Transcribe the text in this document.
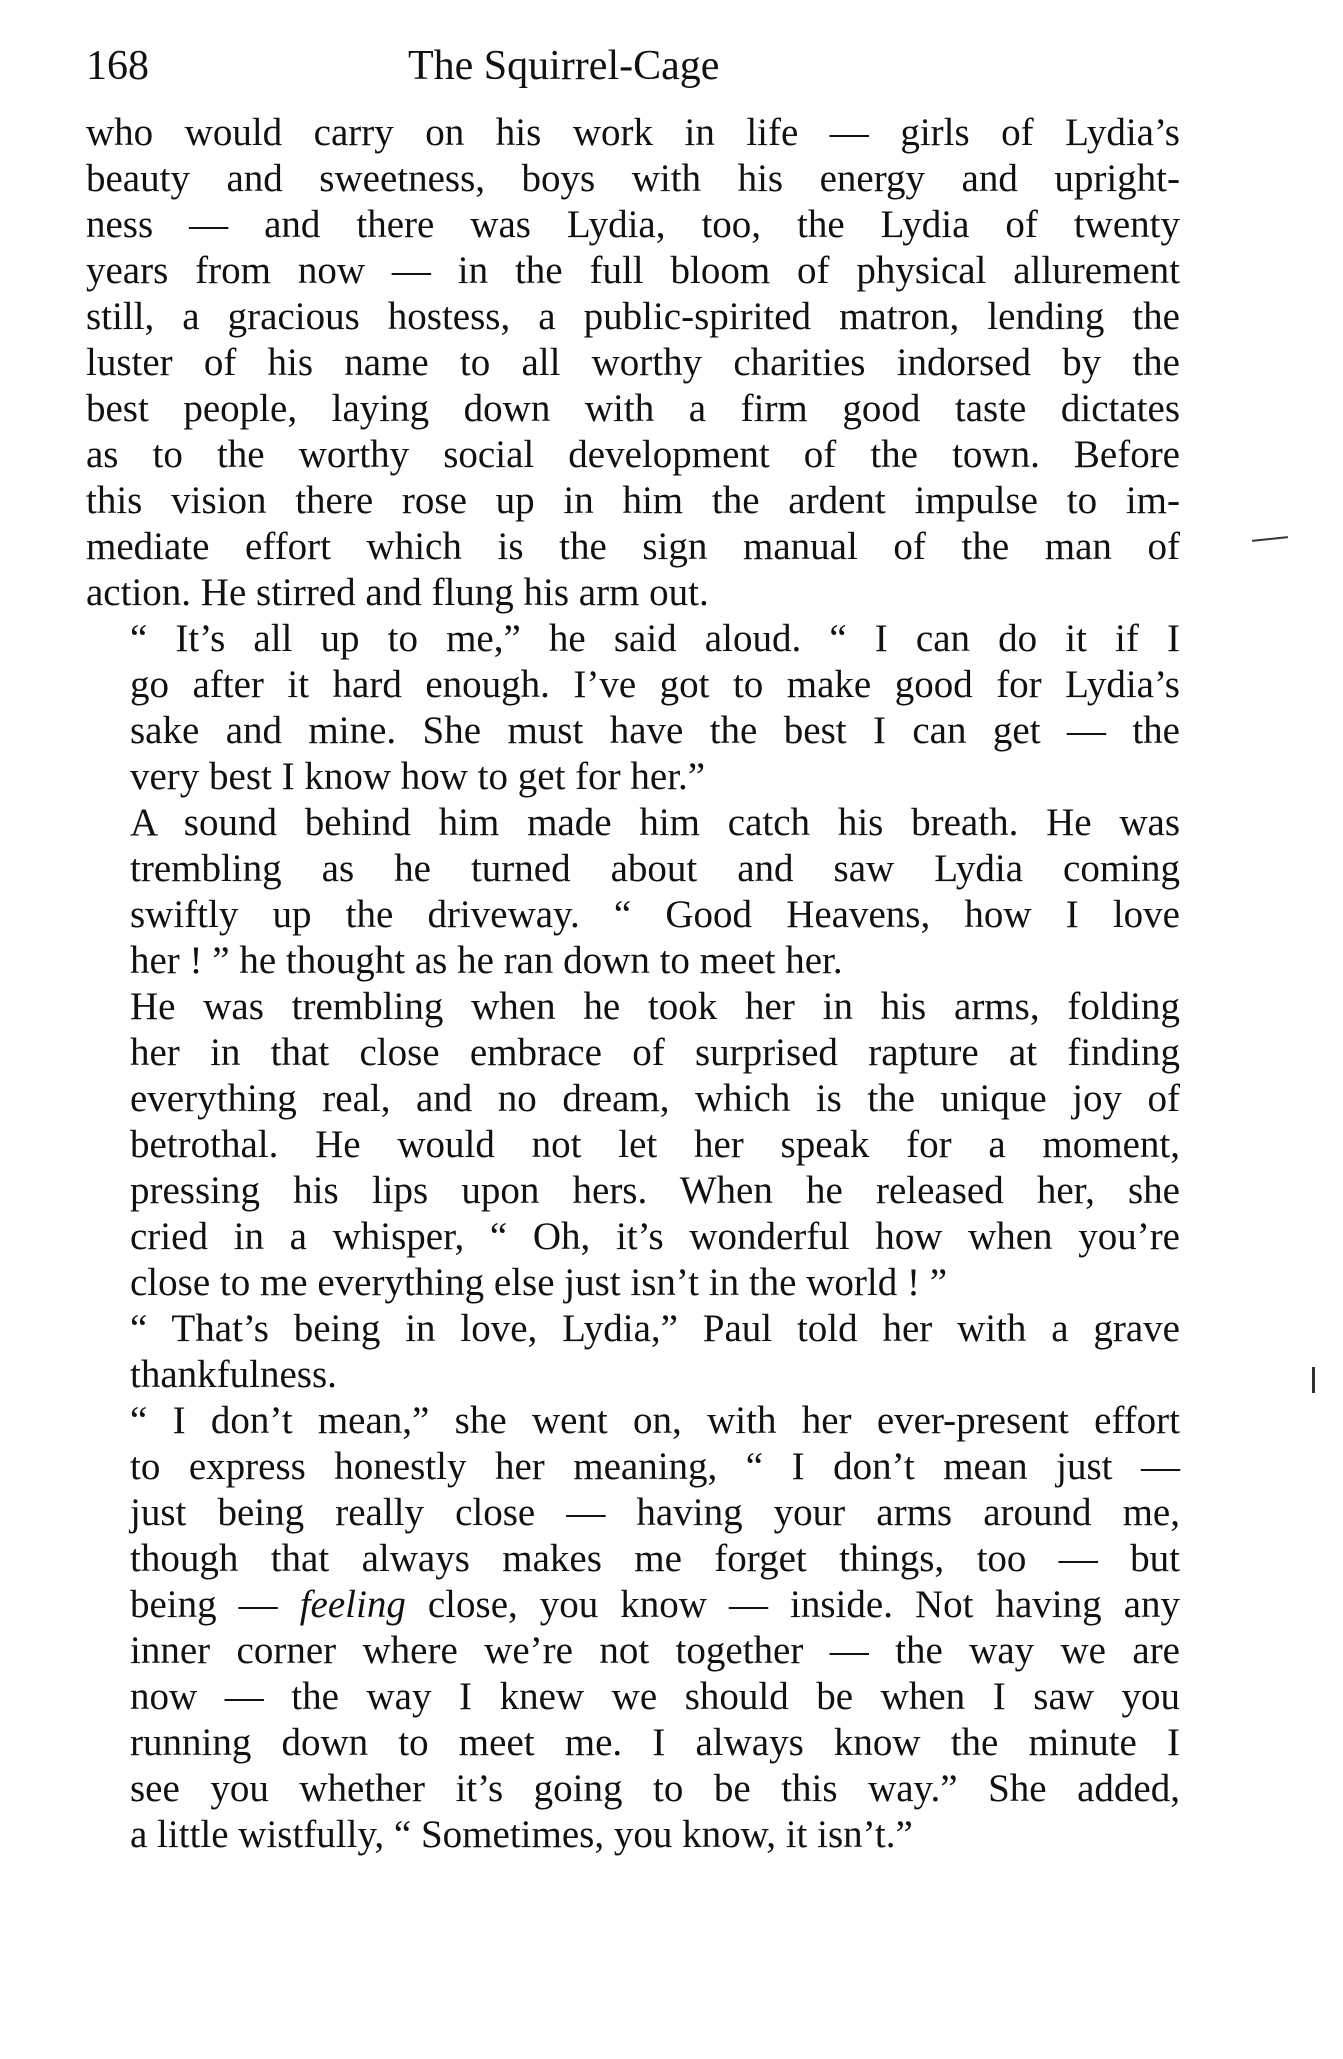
168	The Squirrel-Cage

who would carry on his work in life — girls of Lydia’s
beauty and sweetness, boys with his energy and upright-
ness — and there was Lydia, too, the Lydia of twenty
years from now — in the full bloom of physical allurement
still, a gracious hostess, a public-spirited matron, lending the
luster of his name to all worthy charities indorsed by the
best people, laying down with a firm good taste dictates
as to the worthy social development of the town. Before
this vision there rose up in him the ardent impulse to im-
mediate effort which is the sign manual of the man of
action. He stirred and flung his arm out.

“ It’s all up to me,” he said aloud. “ I can do it if I
go after it hard enough. I’ve got to make good for Lydia’s
sake and mine. She must have the best I can get — the
very best I know how to get for her.”

A sound behind him made him catch his breath. He was
trembling as he turned about and saw Lydia coming
swiftly up the driveway. “ Good Heavens, how I love
her ! ” he thought as he ran down to meet her.

He was trembling when he took her in his arms, folding
her in that close embrace of surprised rapture at finding
everything real, and no dream, which is the unique joy of
betrothal. He would not let her speak for a moment,
pressing his lips upon hers. When he released her, she
cried in a whisper, “ Oh, it’s wonderful how when you’re
close to me everything else just isn’t in the world ! ”

“ That’s being in love, Lydia,” Paul told her with a grave
thankfulness.

“ I don’t mean,” she went on, with her ever-present effort
to express honestly her meaning, “ I don’t mean just —
just being really close — having your arms around me,
though that always makes me forget things, too — but
being — feeling close, you know — inside. Not having any
inner corner where we’re not together — the way we are
now — the way I knew we should be when I saw you
running down to meet me. I always know the minute I
see you whether it’s going to be this way.” She added,
a little wistfully, “ Sometimes, you know, it isn’t.”
